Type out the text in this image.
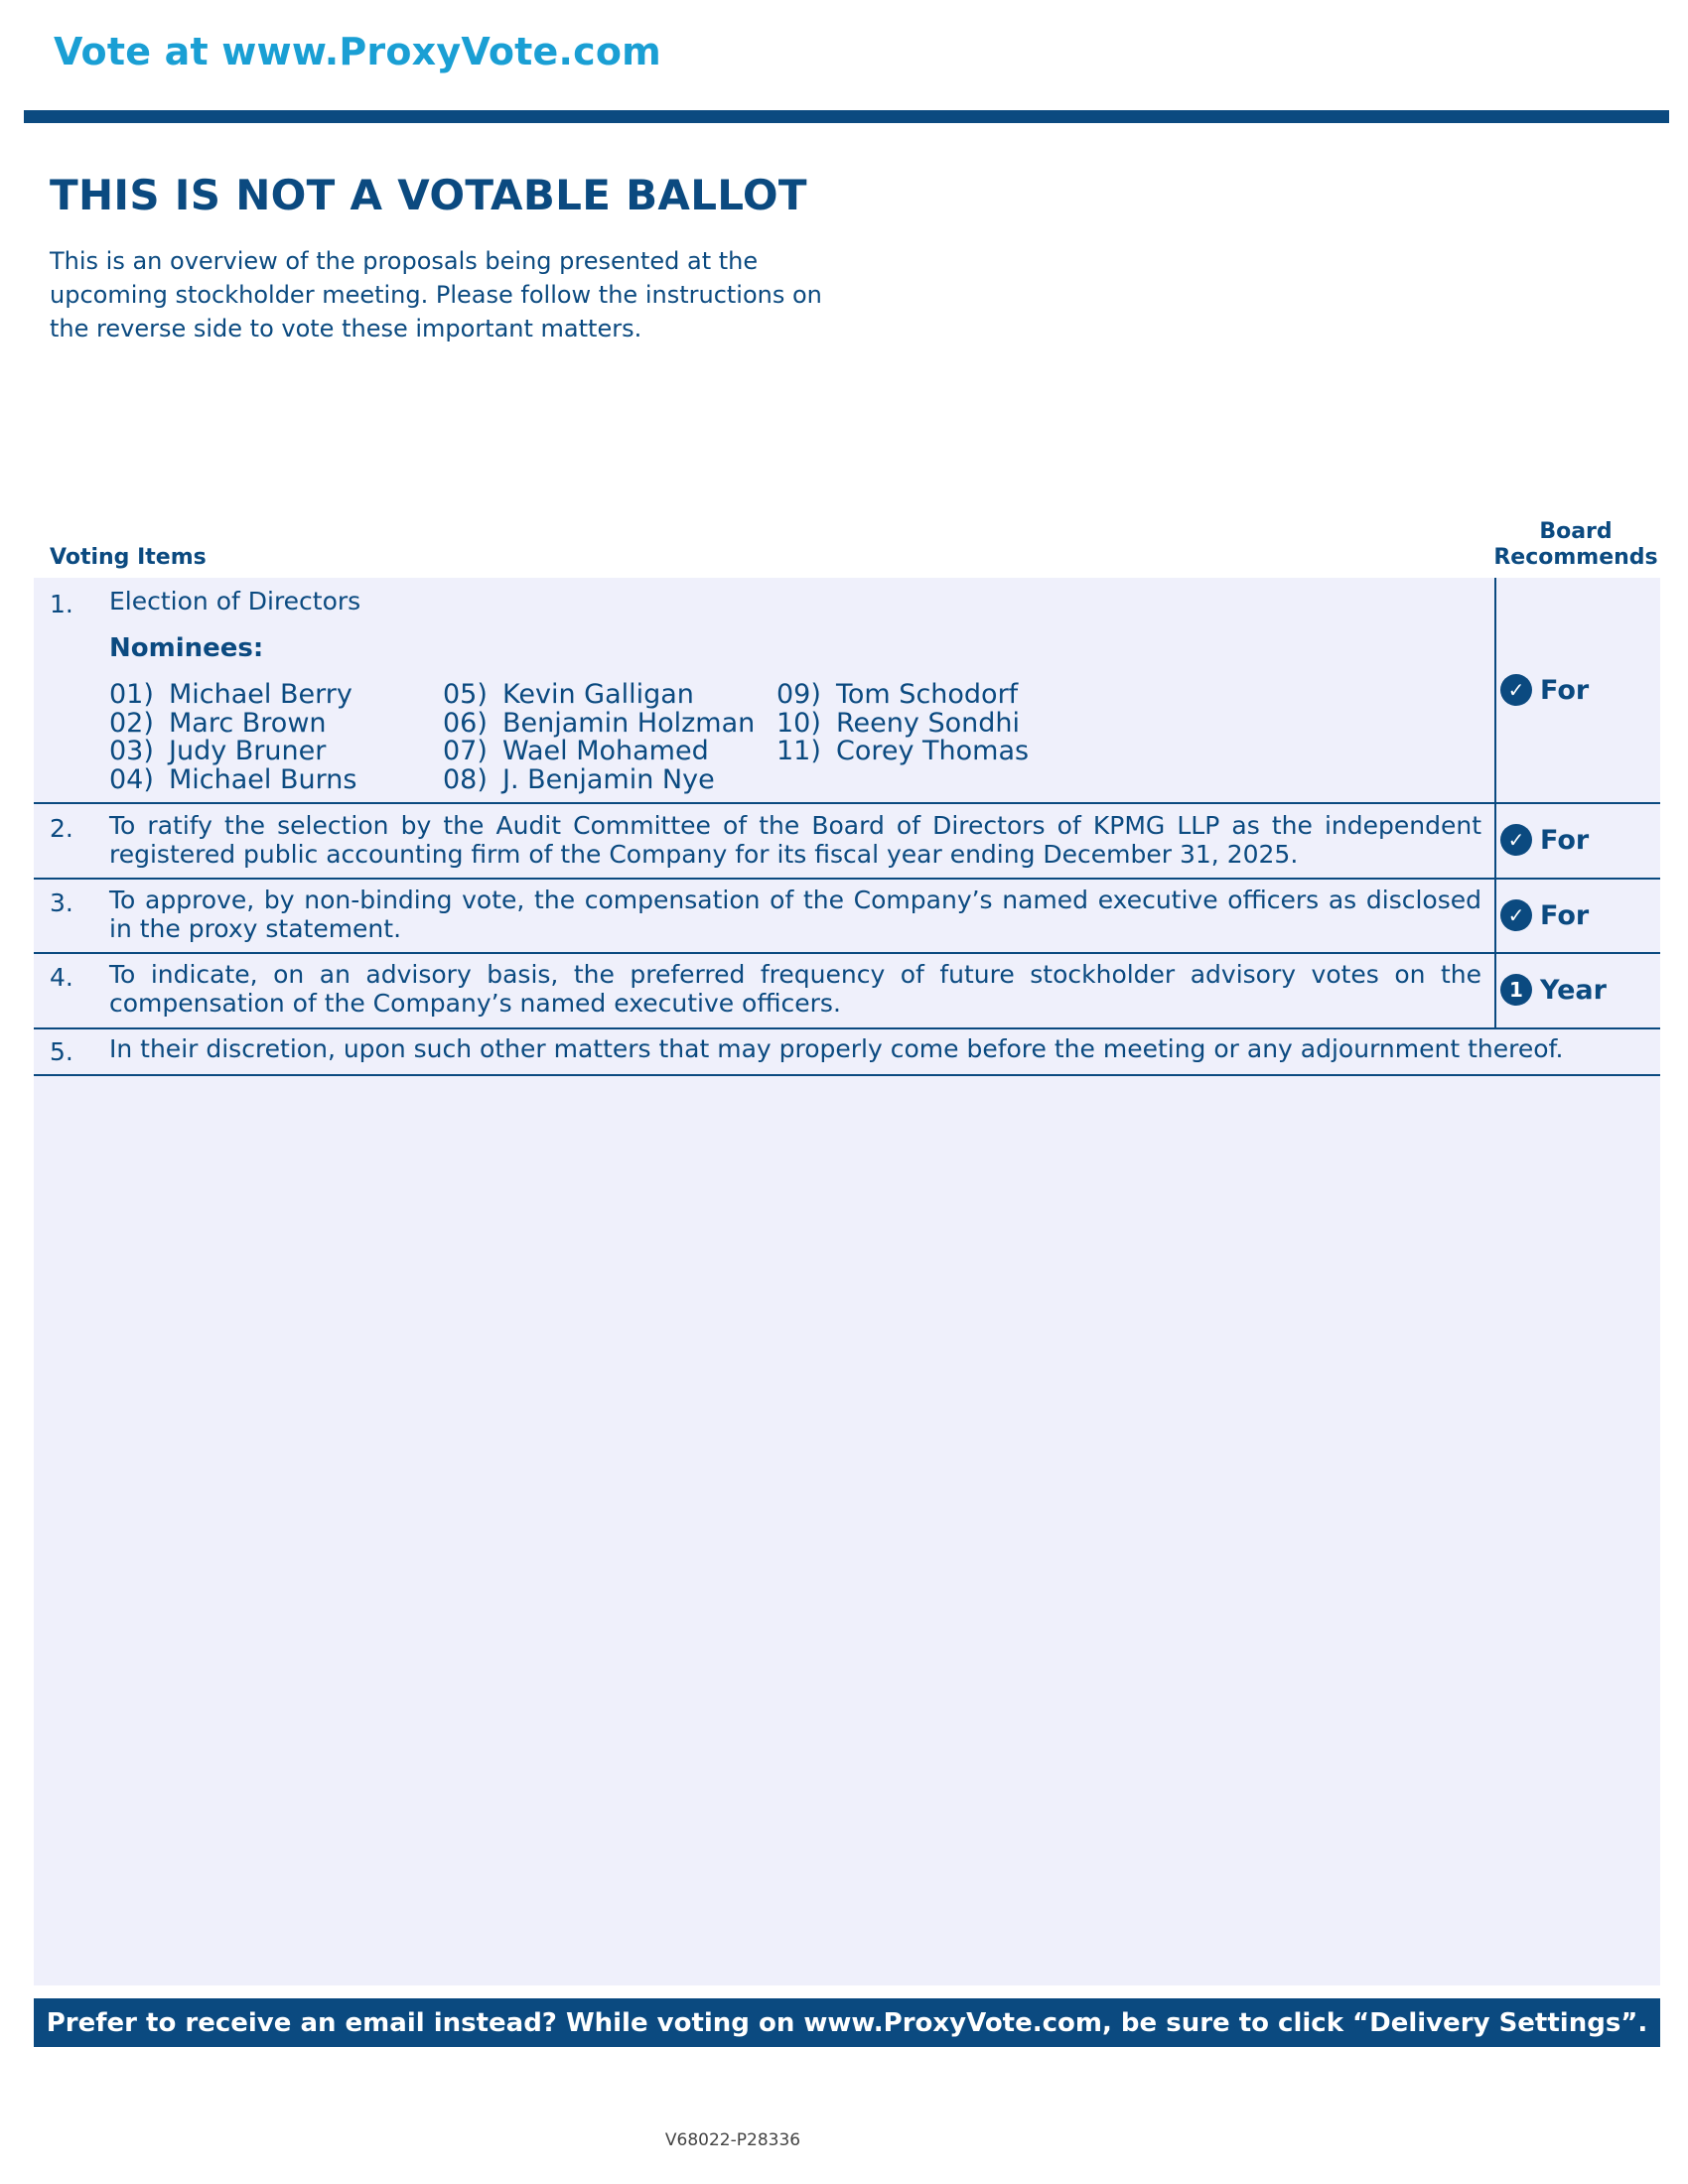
Vote at www.ProxyVote.com
THIS IS NOT A VOTABLE BALLOT

This is an overview of the proposals being presented at the upcoming stockholder meeting. Please follow the instructions on the reverse side to vote these important matters.

Voting Items
Board Recommends
1. Election of Directors

Nominees:
01) Michael Berry
02) Marc Brown
03) Judy Bruner
04) Michael Burns
05) Kevin Galligan
06) Benjamin Holzman
07) Wael Mohamed
08) J. Benjamin Nye
09) Tom Schodorf
10) Reeny Sondhi
11) Corey Thomas
✓ For
2. To ratify the selection by the Audit Committee of the Board of Directors of KPMG LLP as the independent registered public accounting firm of the Company for its fiscal year ending December 31, 2025.	✓ For
3. To approve, by non-binding vote, the compensation of the Company’s named executive officers as disclosed in the proxy statement.	✓ For
4. To indicate, on an advisory basis, the preferred frequency of future stockholder advisory votes on the compensation of the Company’s named executive officers.	1 Year
5. In their discretion, upon such other matters that may properly come before the meeting or any adjournment thereof.

Prefer to receive an email instead? While voting on www.ProxyVote.com, be sure to click “Delivery Settings”.
V68022-P28336
